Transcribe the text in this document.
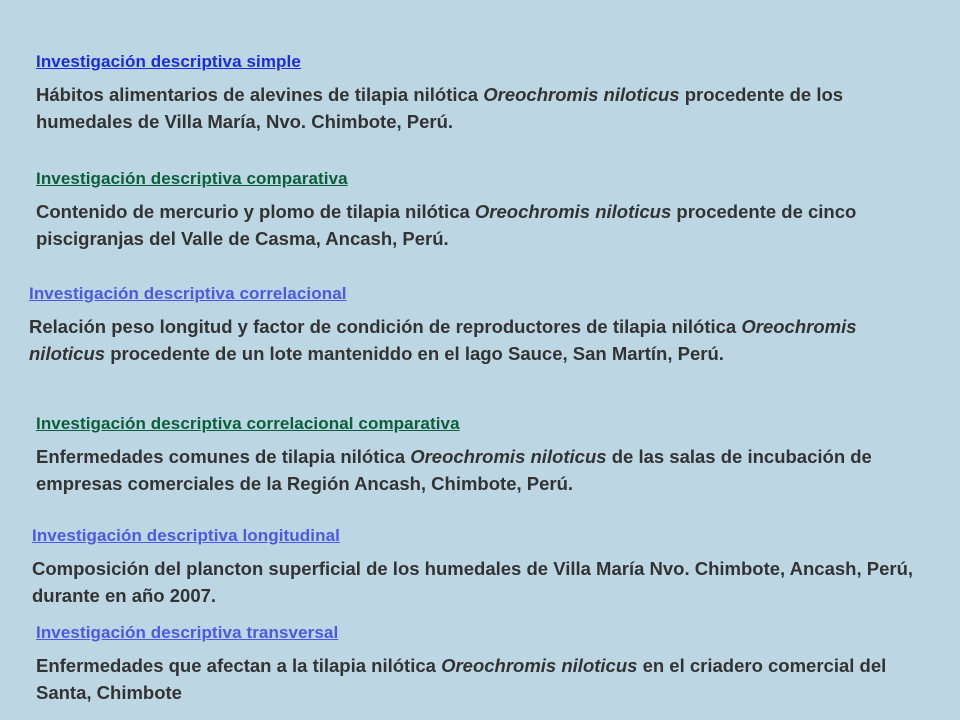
Investigación descriptiva simple
Hábitos alimentarios de alevines de tilapia nilótica Oreochromis niloticus procedente de los humedales de Villa María, Nvo. Chimbote, Perú.
Investigación descriptiva comparativa
Contenido de mercurio y plomo de tilapia nilótica Oreochromis niloticus procedente de cinco piscigranjas del Valle de Casma, Ancash, Perú.
Investigación descriptiva correlacional
Relación peso longitud y factor de condición de reproductores de tilapia nilótica Oreochromis niloticus procedente de un lote manteniddo en el lago Sauce, San Martín, Perú.
Investigación descriptiva correlacional comparativa
Enfermedades comunes de tilapia nilótica Oreochromis niloticus de las salas de incubación de empresas comerciales de la Región Ancash, Chimbote, Perú.
Investigación descriptiva longitudinal
Composición del plancton superficial de los humedales de Villa María Nvo. Chimbote, Ancash, Perú, durante en año 2007.
Investigación descriptiva transversal
Enfermedades que afectan a la tilapia nilótica Oreochromis niloticus en el criadero comercial del Santa, Chimbote
